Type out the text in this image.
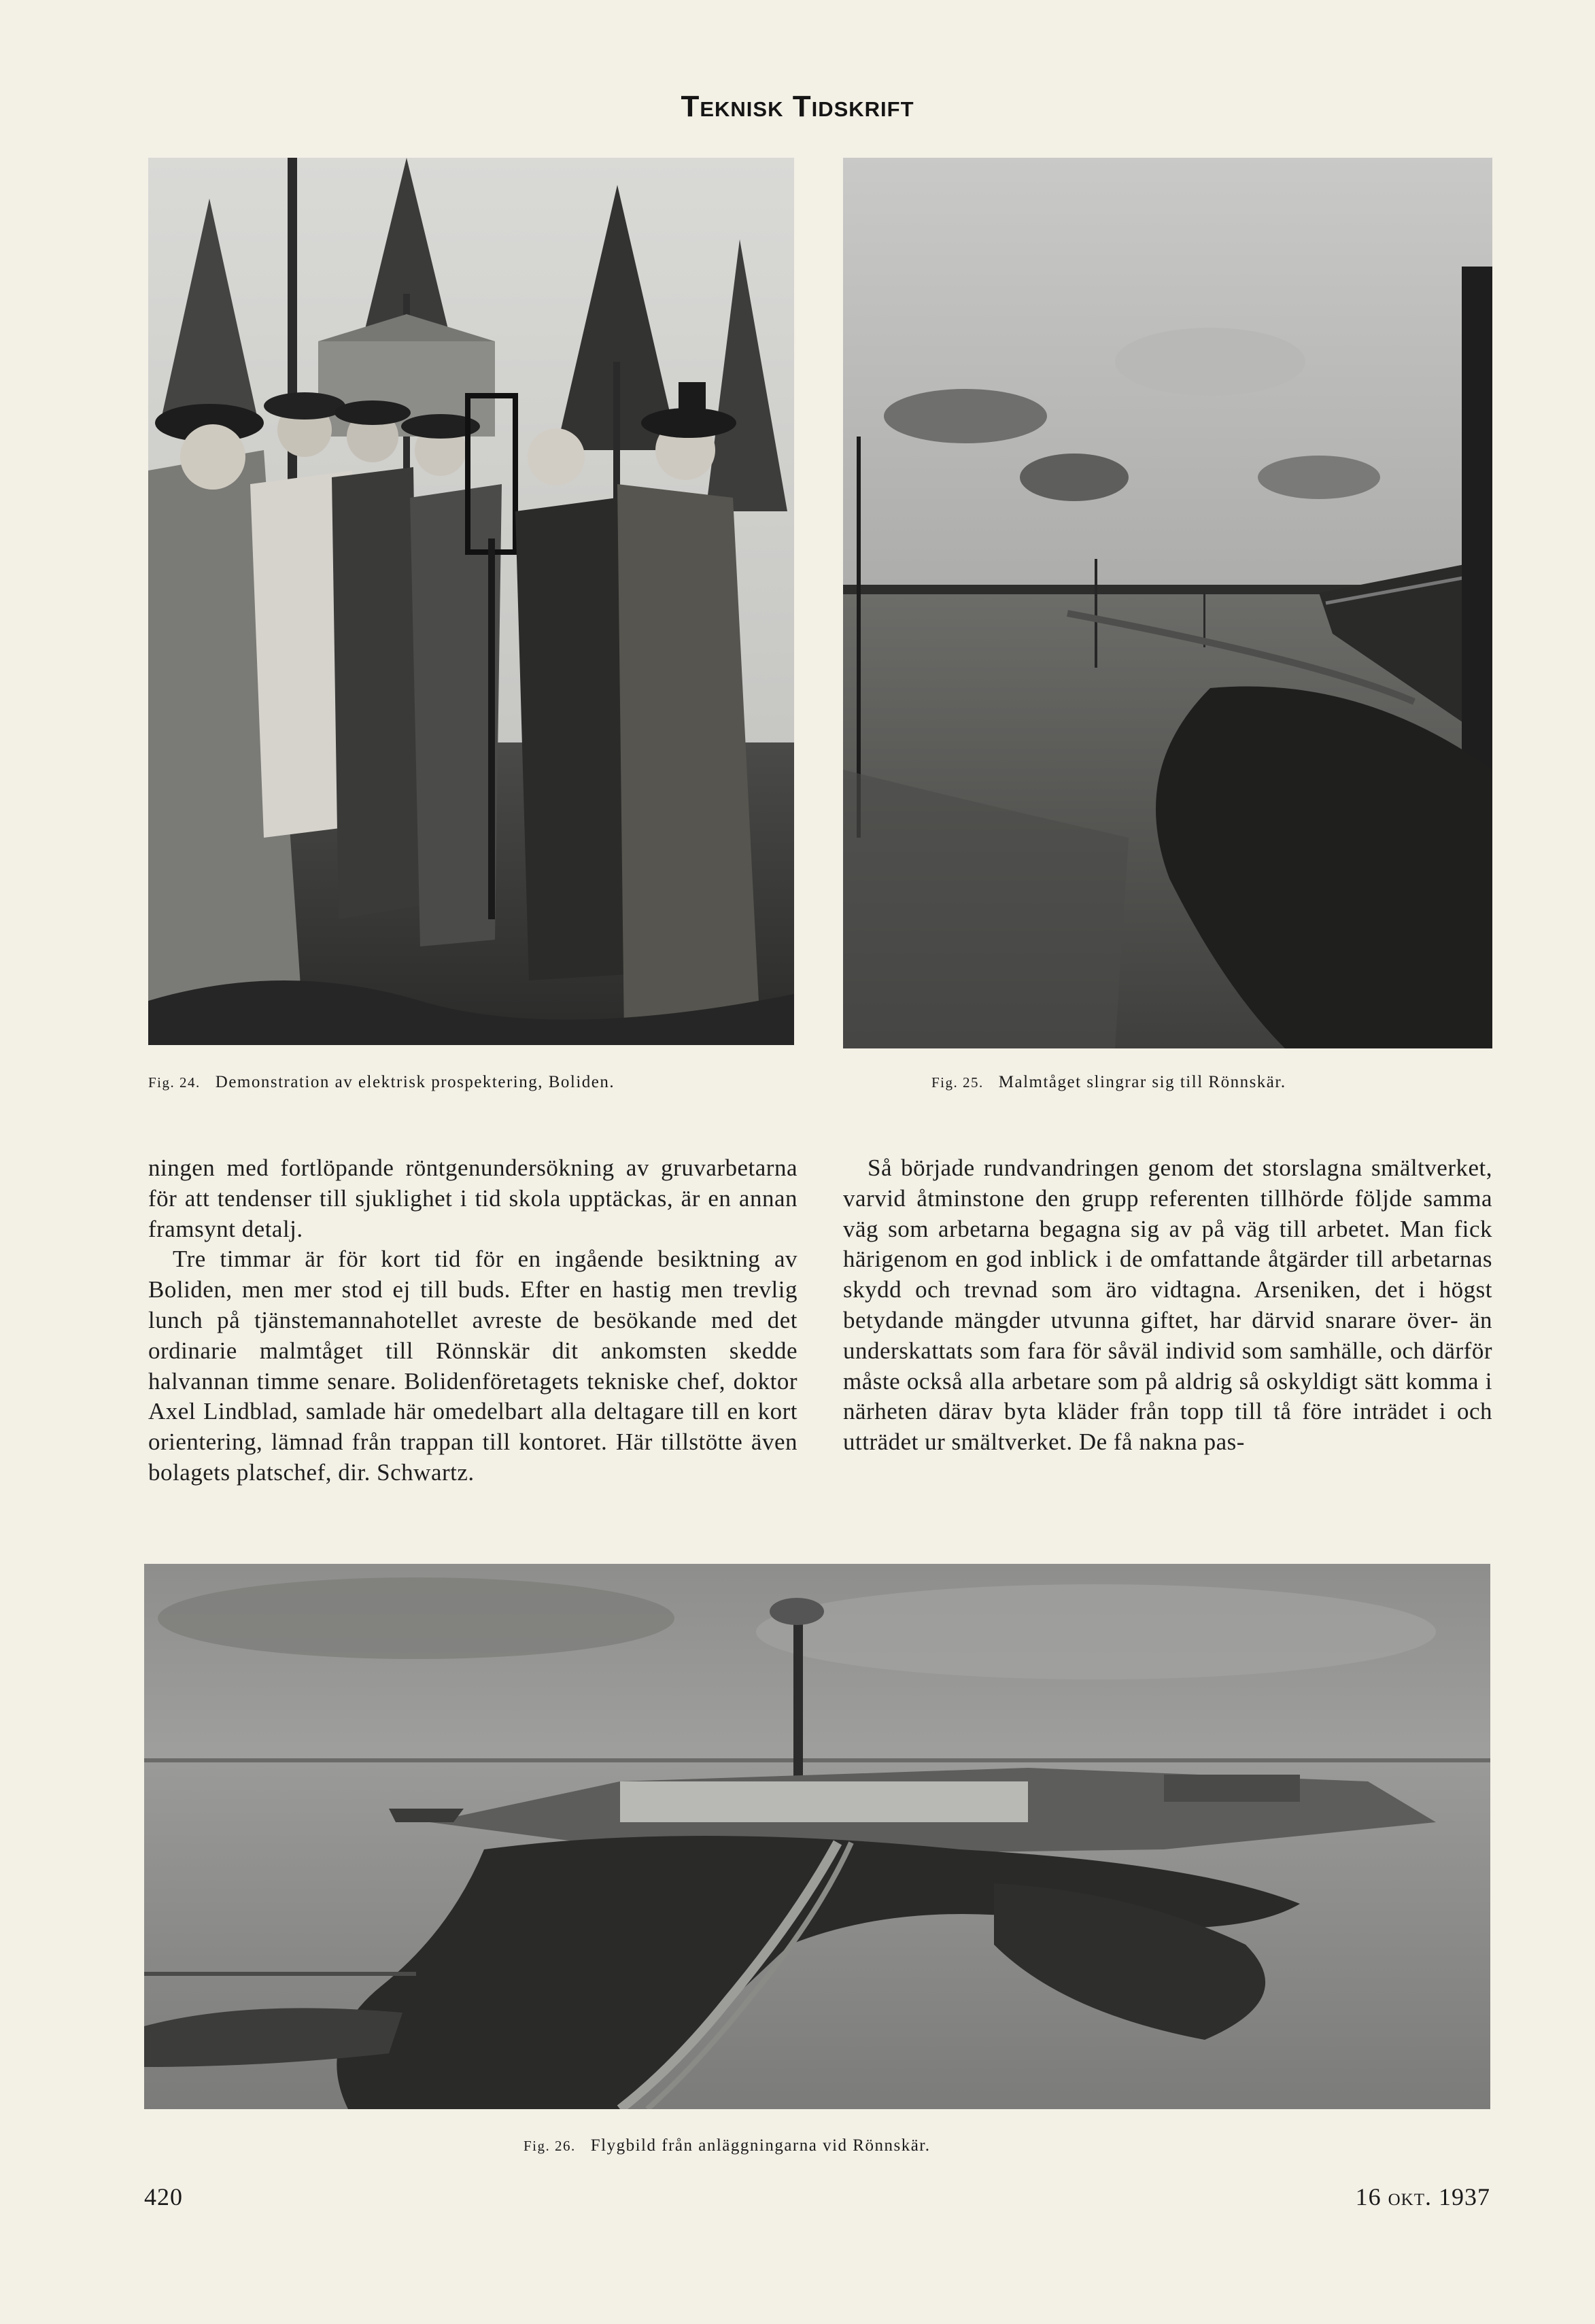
Teknisk Tidskrift
Fig. 24. Demonstration av elektrisk prospektering, Boliden.	Fig. 25. Malmtåget slingrar sig till Rönnskär.

ningen med fortlöpande röntgenundersökning av gruvarbetarna för att tendenser till sjuklighet i tid skola upptäckas, är en annan framsynt detalj.

Tre timmar är för kort tid för en ingående besiktning av Boliden, men mer stod ej till buds. Efter en hastig men trevlig lunch på tjänstemannahotellet avreste de besökande med det ordinarie malmtåget till Rönnskär dit ankomsten skedde halvannan timme senare. Bolidenföretagets tekniske chef, doktor Axel Lindblad, samlade här omedelbart alla deltagare till en kort orientering, lämnad från trappan till kontoret. Här tillstötte även bolagets platschef, dir. Schwartz.

Så började rundvandringen genom det storslagna smältverket, varvid åtminstone den grupp referenten tillhörde följde samma väg som arbetarna begagna sig av på väg till arbetet. Man fick härigenom en god inblick i de omfattande åtgärder till arbetarnas skydd och trevnad som äro vidtagna. Arseniken, det i högst betydande mängder utvunna giftet, har därvid snarare över- än underskattats som fara för såväl individ som samhälle, och därför måste också alla arbetare som på aldrig så oskyldigt sätt komma i närheten därav byta kläder från topp till tå före inträdet i och utträdet ur smältverket. De få nakna pas-

Fig. 26. Flygbild från anläggningarna vid Rönnskär.
420	16 okt. 1937
